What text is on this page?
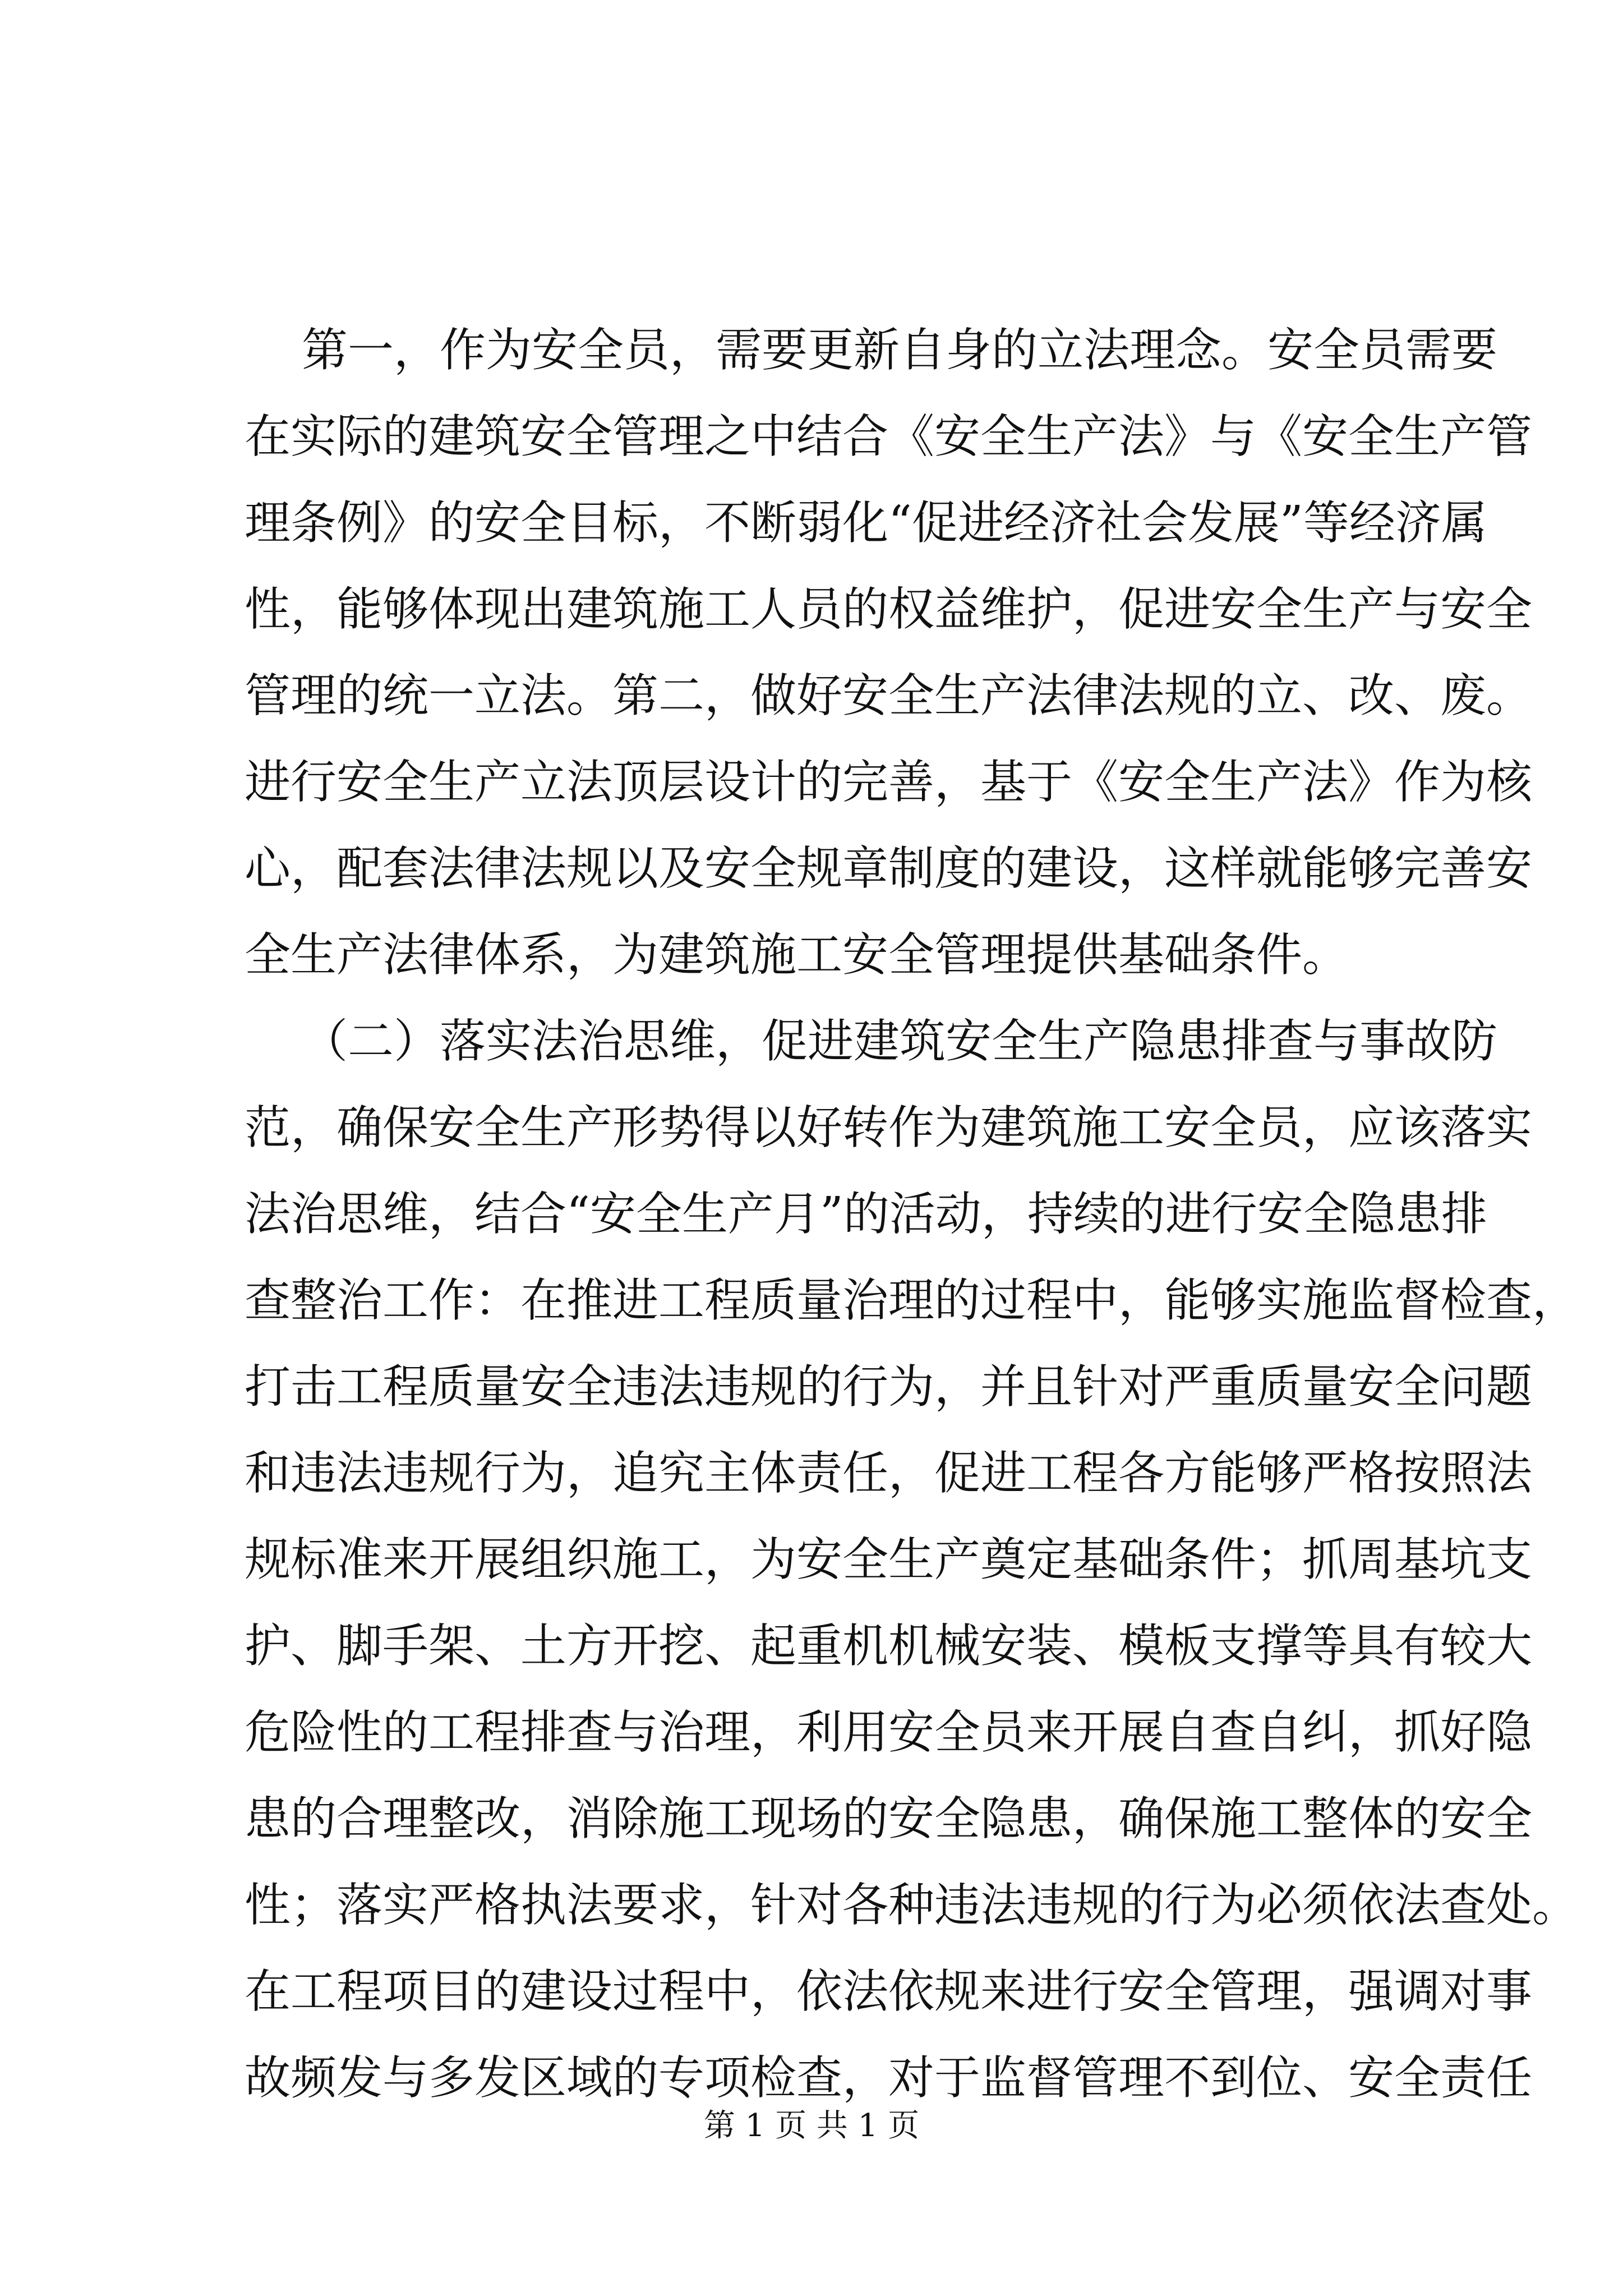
第一，作为安全员，需要更新自身的立法理念。安全员需要
在实际的建筑安全管理之中结合《安全生产法》与《安全生产管
理条例》的安全目标，不断弱化“促进经济社会发展”等经济属
性，能够体现出建筑施工人员的权益维护，促进安全生产与安全
管理的统一立法。第二，做好安全生产法律法规的立、改、废。
进行安全生产立法顶层设计的完善，基于《安全生产法》作为核
心，配套法律法规以及安全规章制度的建设，这样就能够完善安
全生产法律体系，为建筑施工安全管理提供基础条件。
（二）落实法治思维，促进建筑安全生产隐患排查与事故防
范，确保安全生产形势得以好转作为建筑施工安全员，应该落实
法治思维，结合“安全生产月”的活动，持续的进行安全隐患排
查整治工作：在推进工程质量治理的过程中，能够实施监督检查，
打击工程质量安全违法违规的行为，并且针对严重质量安全问题
和违法违规行为，追究主体责任，促进工程各方能够严格按照法
规标准来开展组织施工，为安全生产奠定基础条件；抓周基坑支
护、脚手架、土方开挖、起重机机械安装、模板支撑等具有较大
危险性的工程排查与治理，利用安全员来开展自查自纠，抓好隐
患的合理整改，消除施工现场的安全隐患，确保施工整体的安全
性；落实严格执法要求，针对各种违法违规的行为必须依法查处。
在工程项目的建设过程中，依法依规来进行安全管理，强调对事
故频发与多发区域的专项检查，对于监督管理不到位、安全责任
第 1 页 共 1 页
